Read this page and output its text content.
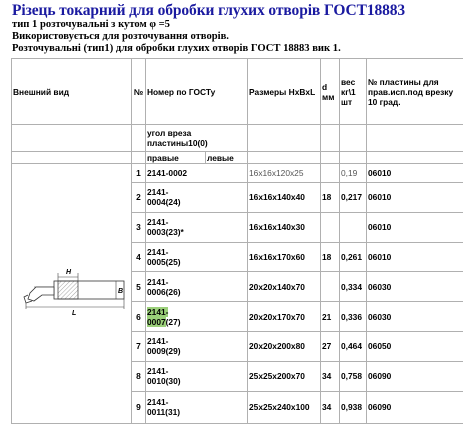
Різець токарний для обробки глухих отворів ГОСТ18883
тип 1 розточувальні з кутом φ =5
Використовується для розточування отворів.
Розточувальні (тип1) для обробки глухих отворів ГОСТ 18883 вик 1.
Внешний вид	№	Номер по ГОСТу		Размеры HxBxL	d мм	вес кг\1 шт	№ пластины для прав.исп.под врезку 10 град.
		угол вреза пластины10(0)					
		правые	левые				

H
B
L	1	2141-0002		16x16x120x25		0,19	06010
	2	2141-
0004(24)		16x16x140x40	18	0,217	06010
	3	2141-
0003(23)*		16x16x140x30			06010
	4	2141-
0005(25)		16x16x170x60	18	0,261	06010
	5	2141-
0006(26)		20x20x140x70		0,334	06030
	6	2141-
0007(27)		20x20x170x70	21	0,336	06030
	7	2141-
0009(29)		20x20x200x80	27	0,464	06050
	8	2141-
0010(30)		25x25x200x70	34	0,758	06090
	9	2141-
0011(31)		25x25x240x100	34	0,938	06090
